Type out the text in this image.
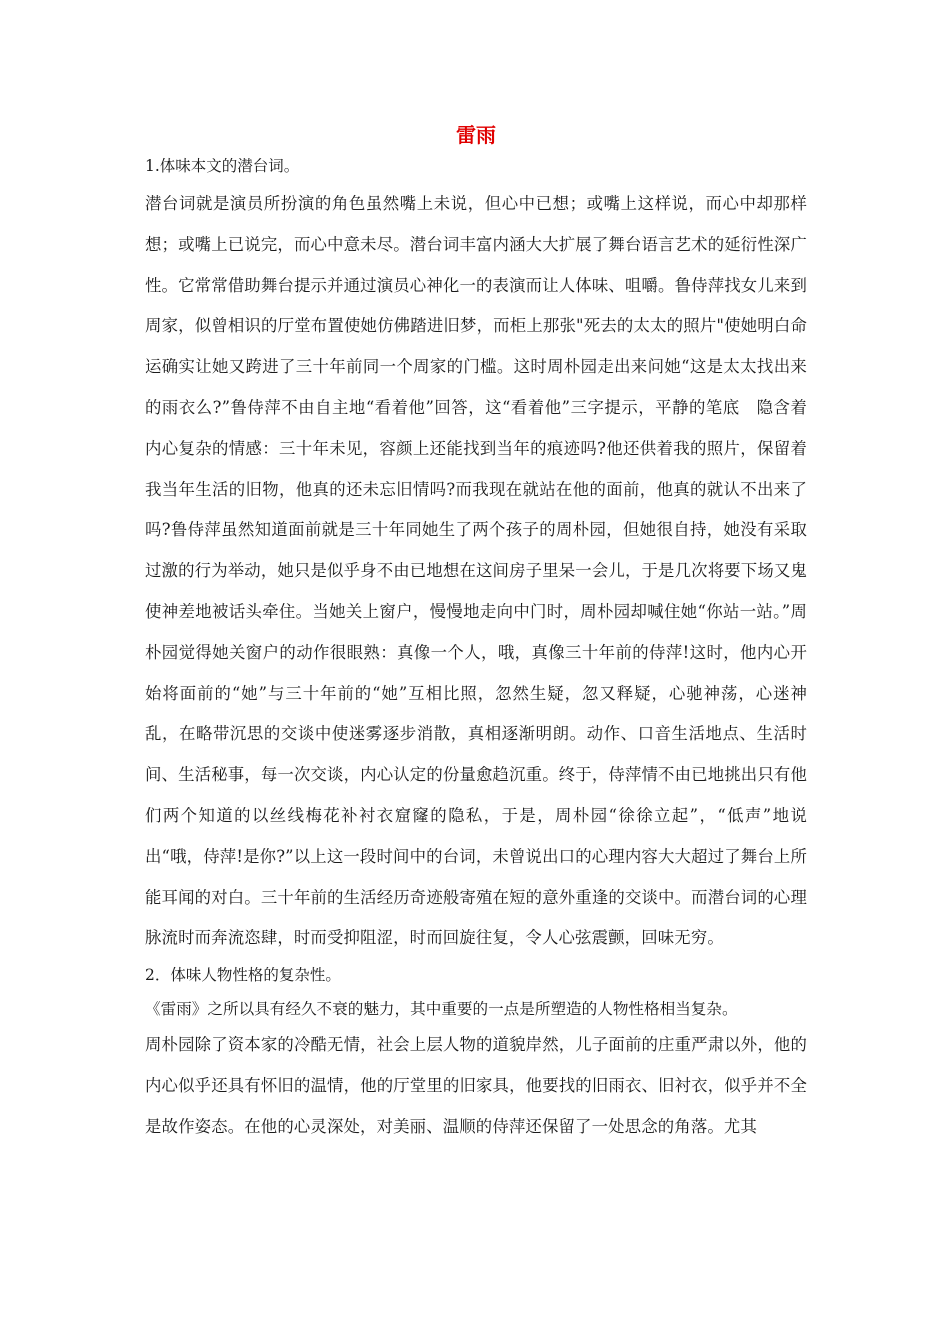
雷雨
1.体味本文的潜台词。

潜台词就是演员所扮演的角色虽然嘴上未说，但心中已想；或嘴上这样说，而心中却那样想；或嘴上已说完，而心中意未尽。潜台词丰富内涵大大扩展了舞台语言艺术的延衍性深广性。它常常借助舞台提示并通过演员心神化一的表演而让人体味、咀嚼。鲁侍萍找女儿来到周家，似曾相识的厅堂布置使她仿佛踏进旧梦，而柜上那张"死去的太太的照片"使她明白命运确实让她又跨进了三十年前同一个周家的门槛。这时周朴园走出来问她“这是太太找出来的雨衣么?”鲁侍萍不由自主地“看着他”回答，这“看着他”三字提示，平静的笔底　隐含着内心复杂的情感：三十年未见，容颜上还能找到当年的痕迹吗?他还供着我的照片，保留着我当年生活的旧物，他真的还未忘旧情吗?而我现在就站在他的面前，他真的就认不出来了吗?鲁侍萍虽然知道面前就是三十年同她生了两个孩子的周朴园，但她很自持，她没有采取过激的行为举动，她只是似乎身不由已地想在这间房子里呆一会儿，于是几次将要下场又鬼使神差地被话头牵住。当她关上窗户，慢慢地走向中门时，周朴园却喊住她“你站一站。”周朴园觉得她关窗户的动作很眼熟：真像一个人，哦，真像三十年前的侍萍!这时，他内心开始将面前的“她”与三十年前的“她”互相比照，忽然生疑，忽又释疑，心驰神荡，心迷神乱，在略带沉思的交谈中使迷雾逐步消散，真相逐渐明朗。动作、口音生活地点、生活时间、生活秘事，每一次交谈，内心认定的份量愈趋沉重。终于，侍萍情不由已地挑出只有他们两个知道的以丝线梅花补衬衣窟窿的隐私，于是，周朴园“徐徐立起”，“低声”地说出“哦，侍萍!是你?”以上这一段时间中的台词，未曾说出口的心理内容大大超过了舞台上所能耳闻的对白。三十年前的生活经历奇迹般寄殖在短的意外重逢的交谈中。而潜台词的心理脉流时而奔流恣肆，时而受抑阻涩，时而回旋往复，令人心弦震颤，回味无穷。

2．体味人物性格的复杂性。

《雷雨》之所以具有经久不衰的魅力，其中重要的一点是所塑造的人物性格相当复杂。

周朴园除了资本家的冷酷无情，社会上层人物的道貌岸然，儿子面前的庄重严肃以外，他的内心似乎还具有怀旧的温情，他的厅堂里的旧家具，他要找的旧雨衣、旧衬衣，似乎并不全是故作姿态。在他的心灵深处，对美丽、温顺的侍萍还保留了一处思念的角落。尤其
